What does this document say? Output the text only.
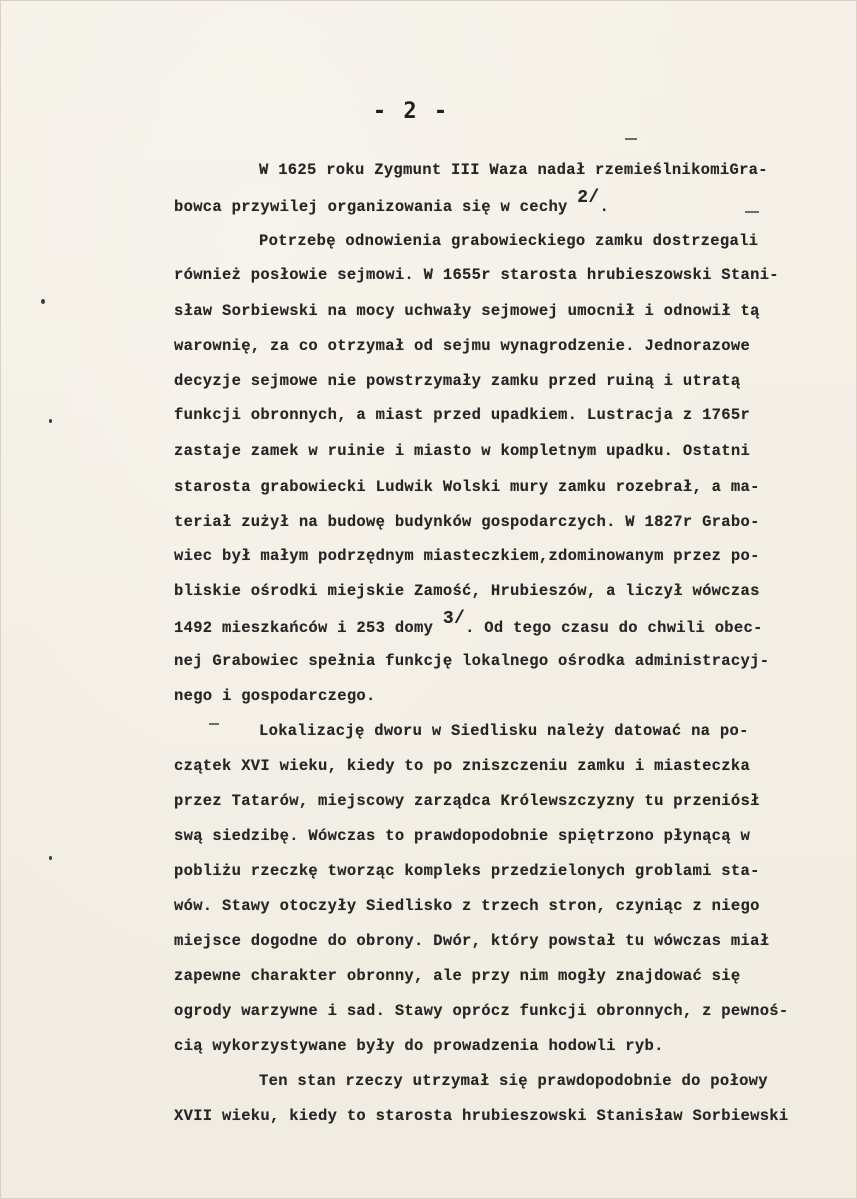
- 2 -
W 1625 roku Zygmunt III Waza nadał rzemieślnikomiGra-
bowca przywilej organizowania się w cechy 2/.
Potrzebę odnowienia grabowieckiego zamku dostrzegali
również posłowie sejmowi. W 1655r starosta hrubieszowski Stani-
sław Sorbiewski na mocy uchwały sejmowej umocnił i odnowił tą
warownię, za co otrzymał od sejmu wynagrodzenie. Jednorazowe
decyzje sejmowe nie powstrzymały zamku przed ruiną i utratą
funkcji obronnych, a miast przed upadkiem. Lustracja z 1765r
zastaje zamek w ruinie i miasto w kompletnym upadku. Ostatni
starosta grabowiecki Ludwik Wolski mury zamku rozebrał, a ma-
teriał zużył na budowę budynków gospodarczych. W 1827r Grabo-
wiec był małym podrzędnym miasteczkiem,zdominowanym przez po-
bliskie ośrodki miejskie Zamość, Hrubieszów, a liczył wówczas
1492 mieszkańców i 253 domy 3/. Od tego czasu do chwili obec-
nej Grabowiec spełnia funkcję lokalnego ośrodka administracyj-
nego i gospodarczego.
Lokalizację dworu w Siedlisku należy datować na po-
czątek XVI wieku, kiedy to po zniszczeniu zamku i miasteczka
przez Tatarów, miejscowy zarządca Królewszczyzny tu przeniósł
swą siedzibę. Wówczas to prawdopodobnie spiętrzono płynącą w
pobliżu rzeczkę tworząc kompleks przedzielonych groblami sta-
wów. Stawy otoczyły Siedlisko z trzech stron, czyniąc z niego
miejsce dogodne do obrony. Dwór, który powstał tu wówczas miał
zapewne charakter obronny, ale przy nim mogły znajdować się
ogrody warzywne i sad. Stawy oprócz funkcji obronnych, z pewnoś-
cią wykorzystywane były do prowadzenia hodowli ryb.
Ten stan rzeczy utrzymał się prawdopodobnie do połowy
XVII wieku, kiedy to starosta hrubieszowski Stanisław Sorbiewski
